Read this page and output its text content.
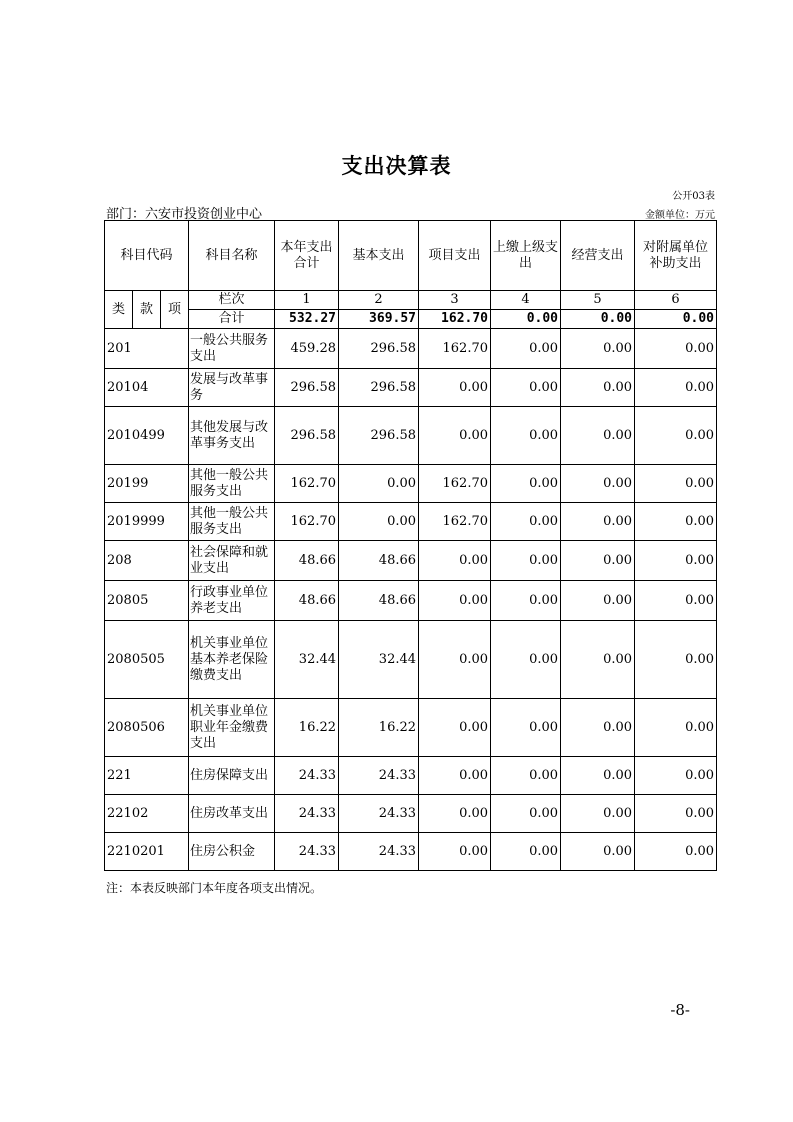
支出决算表
公开03表
部门：六安市投资创业中心	金额单位：万元
科目代码			科目名称	本年支出合计	基本支出	项目支出	上缴上级支出	经营支出	对附属单位补助支出
类	款	项	栏次	1	2	3	4	5	6
			合计	532.27	369.57	162.70	0.00	0.00	0.00
201			一般公共服务支出	459.28	296.58	162.70	0.00	0.00	0.00
20104			发展与改革事务	296.58	296.58	0.00	0.00	0.00	0.00
2010499			其他发展与改革事务支出	296.58	296.58	0.00	0.00	0.00	0.00
20199			其他一般公共服务支出	162.70	0.00	162.70	0.00	0.00	0.00
2019999			其他一般公共服务支出	162.70	0.00	162.70	0.00	0.00	0.00
208			社会保障和就业支出	48.66	48.66	0.00	0.00	0.00	0.00
20805			行政事业单位养老支出	48.66	48.66	0.00	0.00	0.00	0.00
2080505			机关事业单位基本养老保险缴费支出	32.44	32.44	0.00	0.00	0.00	0.00
2080506			机关事业单位职业年金缴费支出	16.22	16.22	0.00	0.00	0.00	0.00
221			住房保障支出	24.33	24.33	0.00	0.00	0.00	0.00
22102			住房改革支出	24.33	24.33	0.00	0.00	0.00	0.00
2210201			住房公积金	24.33	24.33	0.00	0.00	0.00	0.00
注：本表反映部门本年度各项支出情况。
-8-
